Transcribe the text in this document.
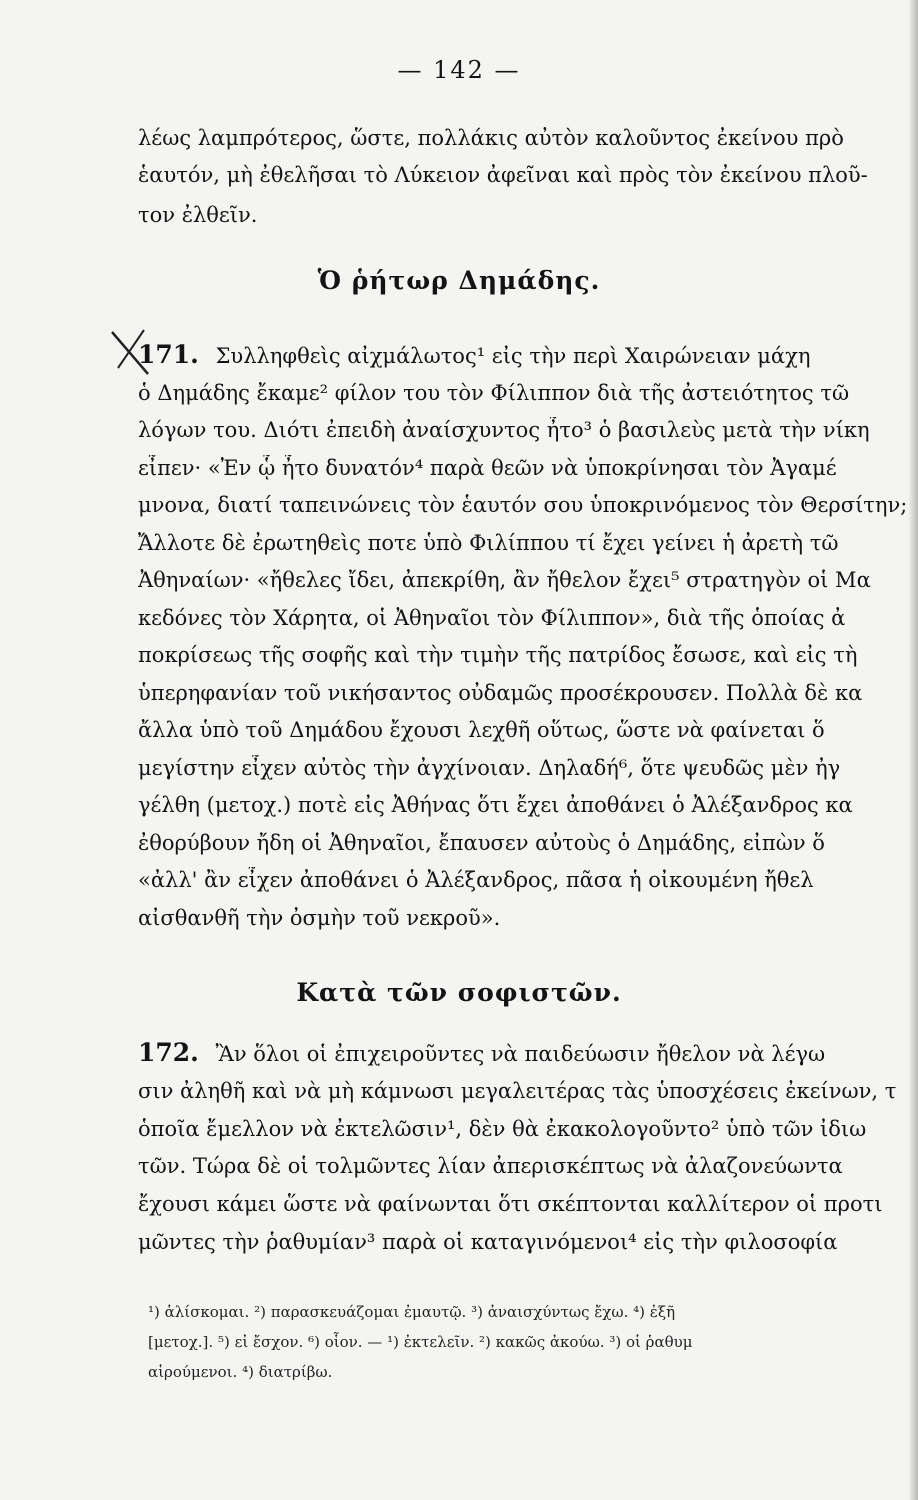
— 142 —
λέως λαμπρότερος, ὥστε, πολλάκις αὐτὸν καλοῦντος ἐκείνου πρὸ
ἑαυτόν, μὴ ἐθελῆσαι τὸ Λύκειον ἀφεῖναι καὶ πρὸς τὸν ἐκείνου πλοῦ-
τον ἐλθεῖν.
Ὁ ῥήτωρ Δημάδης.
171. Συλληφθεὶς αἰχμάλωτος¹ εἰς τὴν περὶ Χαιρώνειαν μάχη
ὁ Δημάδης ἔκαμε² φίλον του τὸν Φίλιππον διὰ τῆς ἀστειότητος τῶ
λόγων του. Διότι ἐπειδὴ ἀναίσχυντος ἦτο³ ὁ βασιλεὺς μετὰ τὴν νίκη
εἶπεν· «Ἐν ᾧ ἦτο δυνατόν⁴ παρὰ θεῶν νὰ ὑποκρίνησαι τὸν Ἀγαμέ
μνονα, διατί ταπεινώνεις τὸν ἑαυτόν σου ὑποκρινόμενος τὸν Θερσίτην;
Ἄλλοτε δὲ ἐρωτηθεὶς ποτε ὑπὸ Φιλίππου τί ἔχει γείνει ἡ ἀρετὴ τῶ
Ἀθηναίων· «ἤθελες ἴδει, ἀπεκρίθη, ἂν ἤθελον ἔχει⁵ στρατηγὸν οἱ Μα
κεδόνες τὸν Χάρητα, οἱ Ἀθηναῖοι τὸν Φίλιππον», διὰ τῆς ὁποίας ἀ
ποκρίσεως τῆς σοφῆς καὶ τὴν τιμὴν τῆς πατρίδος ἔσωσε, καὶ εἰς τὴ
ὑπερηφανίαν τοῦ νικήσαντος οὐδαμῶς προσέκρουσεν. Πολλὰ δὲ κα
ἄλλα ὑπὸ τοῦ Δημάδου ἔχουσι λεχθῆ οὕτως, ὥστε νὰ φαίνεται ὅ
μεγίστην εἶχεν αὐτὸς τὴν ἀγχίνοιαν. Δηλαδή⁶, ὅτε ψευδῶς μὲν ἠγ
γέλθη (μετοχ.) ποτὲ εἰς Ἀθήνας ὅτι ἔχει ἀποθάνει ὁ Ἀλέξανδρος κα
ἐθορύβουν ἤδη οἱ Ἀθηναῖοι, ἔπαυσεν αὐτοὺς ὁ Δημάδης, εἰπὼν ὅ
«ἀλλ' ἂν εἶχεν ἀποθάνει ὁ Ἀλέξανδρος, πᾶσα ἡ οἰκουμένη ἤθελ
αἰσθανθῆ τὴν ὀσμὴν τοῦ νεκροῦ».
Κατὰ τῶν σοφιστῶν.
172. Ἂν ὅλοι οἱ ἐπιχειροῦντες νὰ παιδεύωσιν ἤθελον νὰ λέγω
σιν ἀληθῆ καὶ νὰ μὴ κάμνωσι μεγαλειτέρας τὰς ὑποσχέσεις ἐκείνων, τ
ὁποῖα ἔμελλον νὰ ἐκτελῶσιν¹, δὲν θὰ ἐκακολογοῦντο² ὑπὸ τῶν ἰδιω
τῶν. Τώρα δὲ οἱ τολμῶντες λίαν ἀπερισκέπτως νὰ ἀλαζονεύωντα
ἔχουσι κάμει ὥστε νὰ φαίνωνται ὅτι σκέπτονται καλλίτερον οἱ προτι
μῶντες τὴν ῥαθυμίαν³ παρὰ οἱ καταγινόμενοι⁴ εἰς τὴν φιλοσοφία
¹) ἁλίσκομαι. ²) παρασκευάζομαι ἐμαυτῷ. ³) ἀναισχύντως ἔχω. ⁴) ἐξῆ
[μετοχ.]. ⁵) εἰ ἔσχον. ⁶) οἷον. — ¹) ἐκτελεῖν. ²) κακῶς ἀκούω. ³) οἱ ῥαθυμ
αἱρούμενοι. ⁴) διατρίβω.
